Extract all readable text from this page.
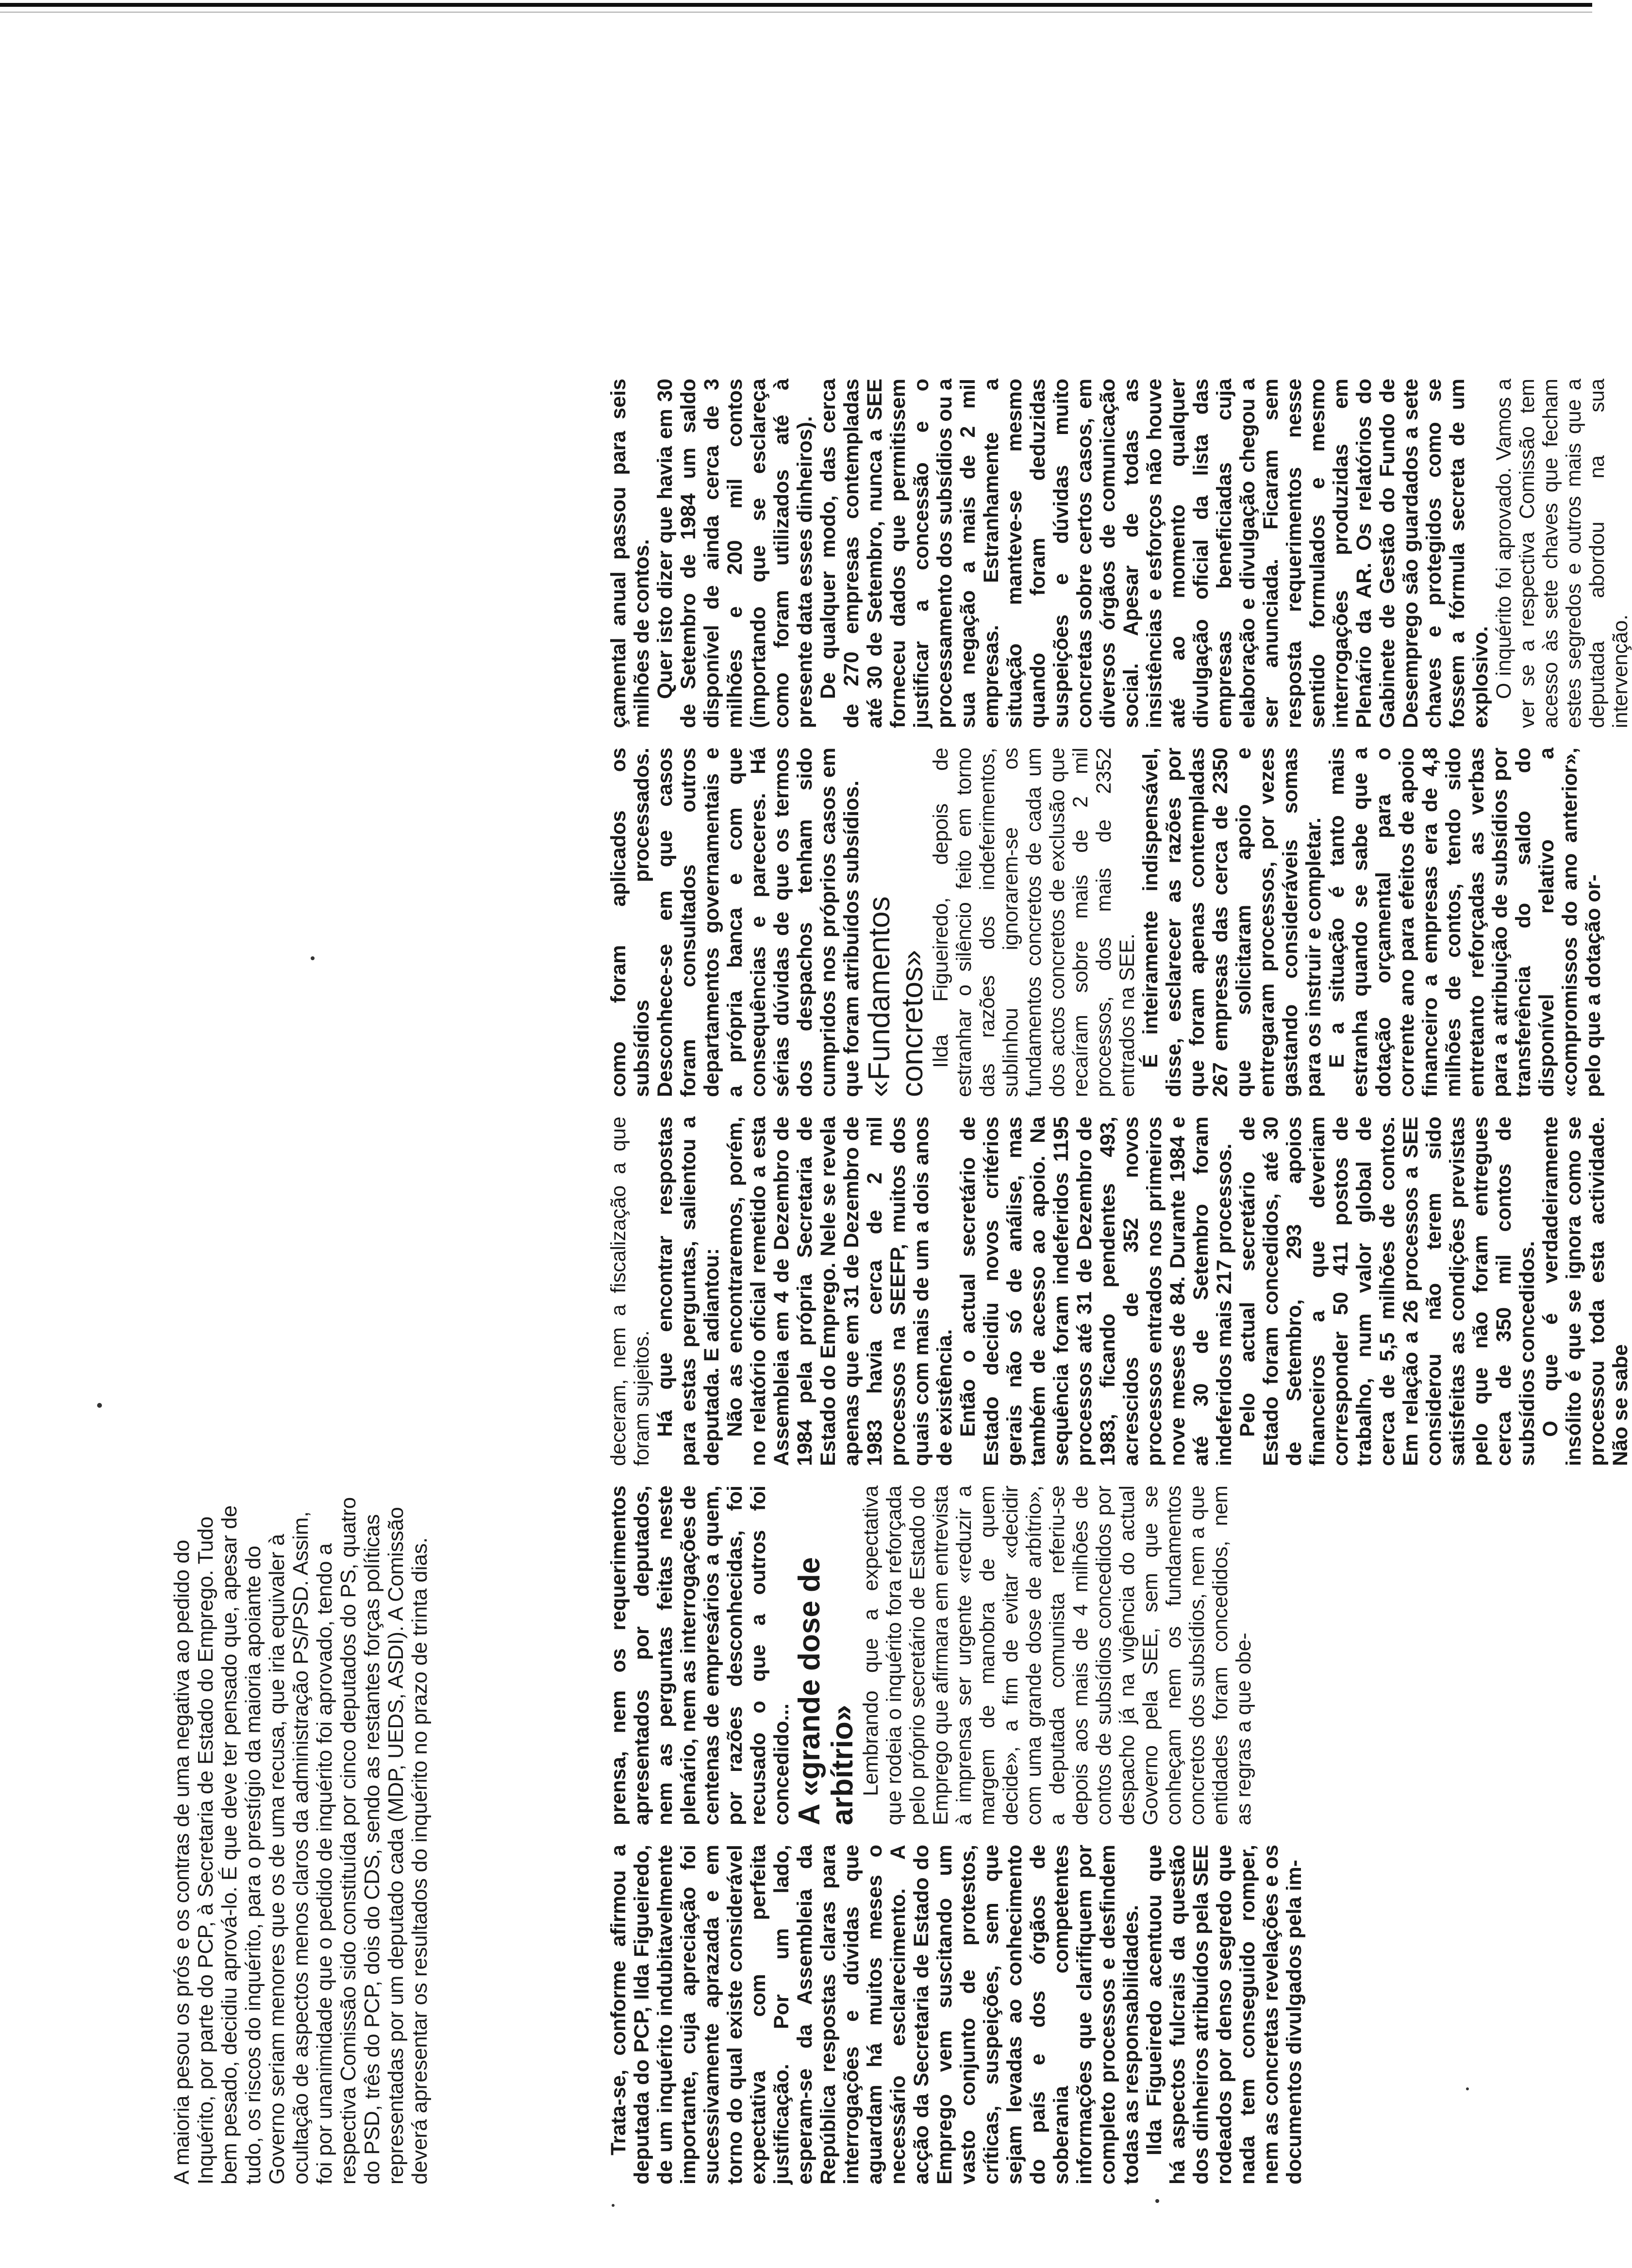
A maioria pesou os prós e os contras de uma negativa ao pedido do Inquérito, por parte do PCP, à Secretaria de Estado do Emprego. Tudo bem pesado, decidiu aprová-lo. É que deve ter pensado que, apesar de tudo, os riscos do inquérito, para o prestígio da maioria apoiante do Governo seriam menores que os de uma recusa, que iria equivaler à ocultação de aspectos menos claros da administração PS/PSD. Assim, foi por unanimidade que o pedido de inquérito foi aprovado, tendo a respectiva Comissão sido constituída por cinco deputados do PS, quatro do PSD, três do PCP, dois do CDS, sendo as restantes forças políticas representadas por um deputado cada (MDP, UEDS, ASDI). A Comissão deverá apresentar os resultados do inquérito no prazo de trinta dias.	Trata-se, conforme afirmou a deputada do PCP, Ilda Figueiredo, de um inquérito indubitavelmente importante, cuja apreciação foi sucessivamente aprazada e em torno do qual existe considerável expectativa com perfeita justificação. Por um lado, esperam-se da Assembleia da República respostas claras para interrogações e dúvidas que aguardam há muitos meses o necessário esclarecimento. A acção da Secretaria de Estado do Emprego vem suscitando um vasto conjunto de protestos, críticas, suspeições, sem que sejam levadas ao conhecimento do país e dos órgãos de soberania competentes informações que clarifiquem por completo processos e desfindem todas as responsabilidades. Ilda Figueiredo acentuou que há aspectos fulcrais da questão dos dinheiros atribuídos pela SEE rodeados por denso segredo que nada tem conseguido romper, nem as concretas revelações e os documentos divulgados pela im-

prensa, nem os requerimentos apresentados por deputados, nem as perguntas feitas neste plenário, nem as interrogações de centenas de empresários a quem, por razões desconhecidas, foi recusado o que a outros foi concedido... A «grande dose de arbítrio» Lembrando que a expectativa que rodeia o inquérito fora reforçada pelo próprio secretário de Estado do Emprego que afirmara em entrevista à imprensa ser urgente «reduzir a margem de manobra de quem decide», a fim de evitar «decidir com uma grande dose de arbítrio», a deputada comunista referiu-se depois aos mais de 4 milhões de contos de subsídios concedidos por despacho já na vigência do actual Governo pela SEE, sem que se conheçam nem os fundamentos concretos dos subsídios, nem a que entidades foram concedidos, nem as regras a que obe-

deceram, nem a fiscalização a que foram sujeitos. Há que encontrar respostas para estas perguntas, salientou a deputada. E adiantou: Não as encontraremos, porém, no relatório oficial remetido a esta Assembleia em 4 de Dezembro de 1984 pela própria Secretaria de Estado do Emprego. Nele se revela apenas que em 31 de Dezembro de 1983 havia cerca de 2 mil processos na SEEFP, muitos dos quais com mais de um a dois anos de existência. Então o actual secretário de Estado decidiu novos critérios gerais não só de análise, mas também de acesso ao apoio. Na sequência foram indeferidos 1195 processos até 31 de Dezembro de 1983, ficando pendentes 493, acrescidos de 352 novos processos entrados nos primeiros nove meses de 84. Durante 1984 e até 30 de Setembro foram indeferidos mais 217 processos. Pelo actual secretário de Estado foram concedidos, até 30 de Setembro, 293 apoios financeiros a que deveriam corresponder 50 411 postos de trabalho, num valor global de cerca de 5,5 milhões de contos. Em relação a 26 processos a SEE considerou não terem sido satisfeitas as condições previstas pelo que não foram entregues cerca de 350 mil contos de subsídios concedidos. O que é verdadeiramente insólito é que se ignora como se processou toda esta actividade. Não se sabe

como foram aplicados os subsídios processados. Desconhece-se em que casos foram consultados outros departamentos governamentais e a própria banca e com que consequências e pareceres. Há sérias dúvidas de que os termos dos despachos tenham sido cumpridos nos próprios casos em que foram atribuídos subsídios. «Fundamentos concretos» Ilda Figueiredo, depois de estranhar o silêncio feito em torno das razões dos indeferimentos, sublinhou ignorarem-se os fundamentos concretos de cada um dos actos concretos de exclusão que recaíram sobre mais de 2 mil processos, dos mais de 2352 entrados na SEE. É inteiramente indispensável, disse, esclarecer as razões por que foram apenas contempladas 267 empresas das cerca de 2350 que solicitaram apoio e entregaram processos, por vezes gastando consideráveis somas para os instruir e completar. E a situação é tanto mais estranha quando se sabe que a dotação orçamental para o corrente ano para efeitos de apoio financeiro a empresas era de 4,8 milhões de contos, tendo sido entretanto reforçadas as verbas para a atribuição de subsídios por transferência do saldo do disponível relativo a «compromissos do ano anterior», pelo que a dotação or-

çamental anual passou para seis milhões de contos. Quer isto dizer que havia em 30 de Setembro de 1984 um saldo disponível de ainda cerca de 3 milhões e 200 mil contos (importando que se esclareça como foram utilizados até à presente data esses dinheiros). De qualquer modo, das cerca de 270 empresas contempladas até 30 de Setembro, nunca a SEE forneceu dados que permitissem justificar a concessão e o processamento dos subsídios ou a sua negação a mais de 2 mil empresas. Estranhamente a situação manteve-se mesmo quando foram deduzidas suspeições e dúvidas muito concretas sobre certos casos, em diversos órgãos de comunicação social. Apesar de todas as insistências e esforços não houve até ao momento qualquer divulgação oficial da lista das empresas beneficiadas cuja elaboração e divulgação chegou a ser anunciada. Ficaram sem resposta requerimentos nesse sentido formulados e mesmo interrogações produzidas em Plenário da AR. Os relatórios do Gabinete de Gestão do Fundo de Desemprego são guardados a sete chaves e protegidos como se fossem a fórmula secreta de um explosivo. O inquérito foi aprovado. Vamos a ver se a respectiva Comissão tem acesso às sete chaves que fecham estes segredos e outros mais que a deputada abordou na sua intervenção.
